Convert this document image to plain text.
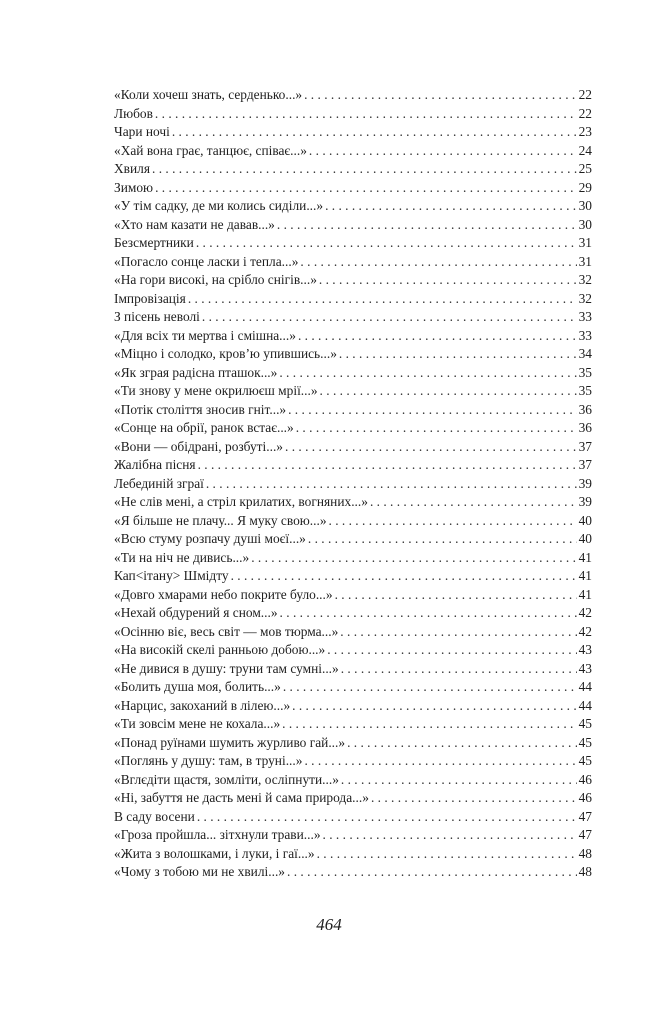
«Коли хочеш знать, серденько...» . . .	22
Любов . . .	22
Чари ночі . . .	23
«Хай вона грає, танцює, співає...» . . .	24
Хвиля . . .	25
Зимою . . .	29
«У тім садку, де ми колись сиділи...» . . .	30
«Хто нам казати не давав...» . . .	30
Безсмертники . . .	31
«Погасло сонце ласки і тепла...» . . .	31
«На гори високі, на срібло снігів...» . . .	32
Імпровізація . . .	32
З пісень неволі . . .	33
«Для всіх ти мертва і смішна...» . . .	33
«Міцно і солодко, кров’ю упившись...» . . .	34
«Як зграя радісна пташок...» . . .	35
«Ти знову у мене окрилюєш мрії...» . . .	35
«Потік століття зносив гніт...» . . .	36
«Сонце на обрії, ранок встає...» . . .	36
«Вони — обідрані, розбуті...» . . .	37
Жалібна пісня . . .	37
Лебединій зграї . . .	39
«Не слів мені, а стріл крилатих, вогняних...» . . .	39
«Я більше не плачу... Я муку свою...» . . .	40
«Всю стуму розпачу душі моєї...» . . .	40
«Ти на ніч не дивись...» . . .	41
Кап<ітану> Шмідту . . .	41
«Довго хмарами небо покрите було...» . . .	41
«Нехай обдурений я сном...» . . .	42
«Осінню віє, весь світ — мов тюрма...» . . .	42
«На високій скелі ранньою добою...» . . .	43
«Не дивися в душу: труни там сумні...» . . .	43
«Болить душа моя, болить...» . . .	44
«Нарцис, закоханий в лілею...» . . .	44
«Ти зовсім мене не кохала...» . . .	45
«Понад руїнами шумить журливо гай...» . . .	45
«Поглянь у душу: там, в труні...» . . .	45
«Вглєдіти щастя, зомліти, осліпнути...» . . .	46
«Ні, забуття не дасть мені й сама природа...» . . .	46
В саду восени . . .	47
«Гроза пройшла... зітхнули трави...» . . .	47
«Жита з волошками, і луки, і гаї...» . . .	48
«Чому з тобою ми не хвилі...» . . .	48
464
